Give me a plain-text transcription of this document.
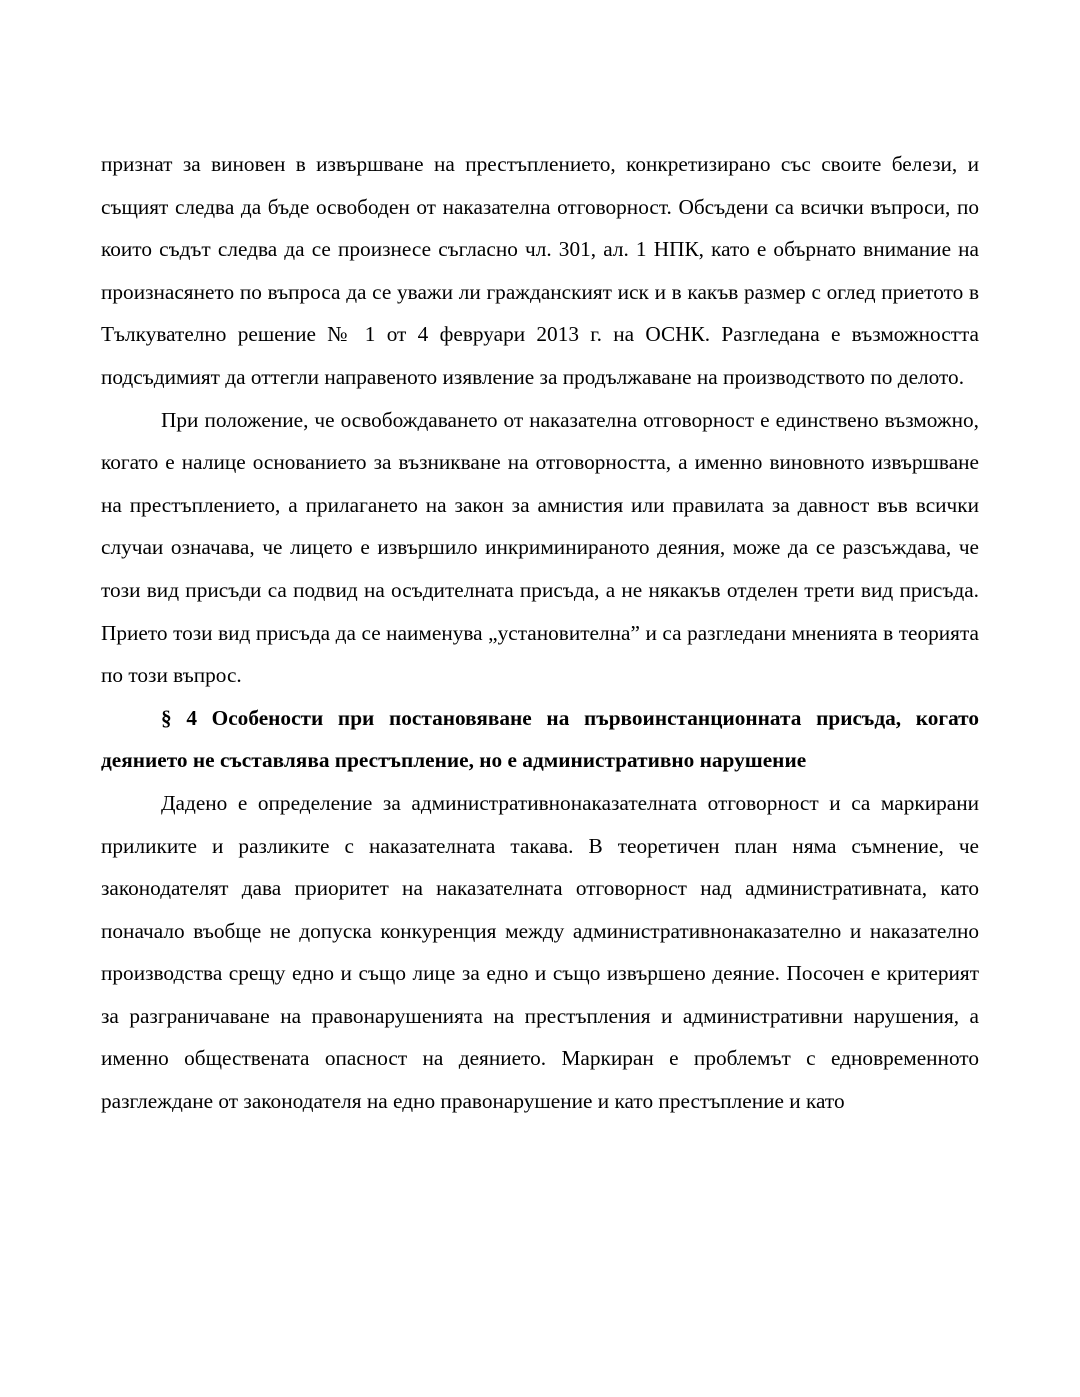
признат за виновен в извършване на престъплението, конкретизирано със своите белези, и същият следва да бъде освободен от наказателна отговорност. Обсъдени са всички въпроси, по които съдът следва да се произнесе съгласно чл. 301, ал. 1 НПК, като е обърнато внимание на произнасянето по въпроса да се уважи ли гражданският иск и в какъв размер с оглед приетото в Тълкувателно решение № 1 от 4 февруари 2013 г. на ОСНК. Разгледана е възможността подсъдимият да оттегли направеното изявление за продължаване на производството по делото.

При положение, че освобождаването от наказателна отговорност е единствено възможно, когато е налице основанието за възникване на отговорността, а именно виновното извършване на престъплението, а прилагането на закон за амнистия или правилата за давност във всички случаи означава, че лицето е извършило инкриминираното деяния, може да се разсъждава, че този вид присъди са подвид на осъдителната присъда, а не някакъв отделен трети вид присъда. Прието този вид присъда да се наименува „установителна” и са разгледани мненията в теорията по този въпрос.

§ 4 Особености при постановяване на първоинстанционната присъда, когато деянието не съставлява престъпление, но е административно нарушение

Дадено е определение за административнонаказателната отговорност и са маркирани приликите и разликите с наказателната такава. В теоретичен план няма съмнение, че законодателят дава приоритет на наказателната отговорност над административната, като поначало въобще не допуска конкуренция между административнонаказателно и наказателно производства срещу едно и също лице за едно и също извършено деяние. Посочен е критерият за разграничаване на правонарушенията на престъпления и административни нарушения, а именно обществената опасност на деянието. Маркиран е проблемът с едновременното разглеждане от законодателя на едно правонарушение и като престъпление и като
